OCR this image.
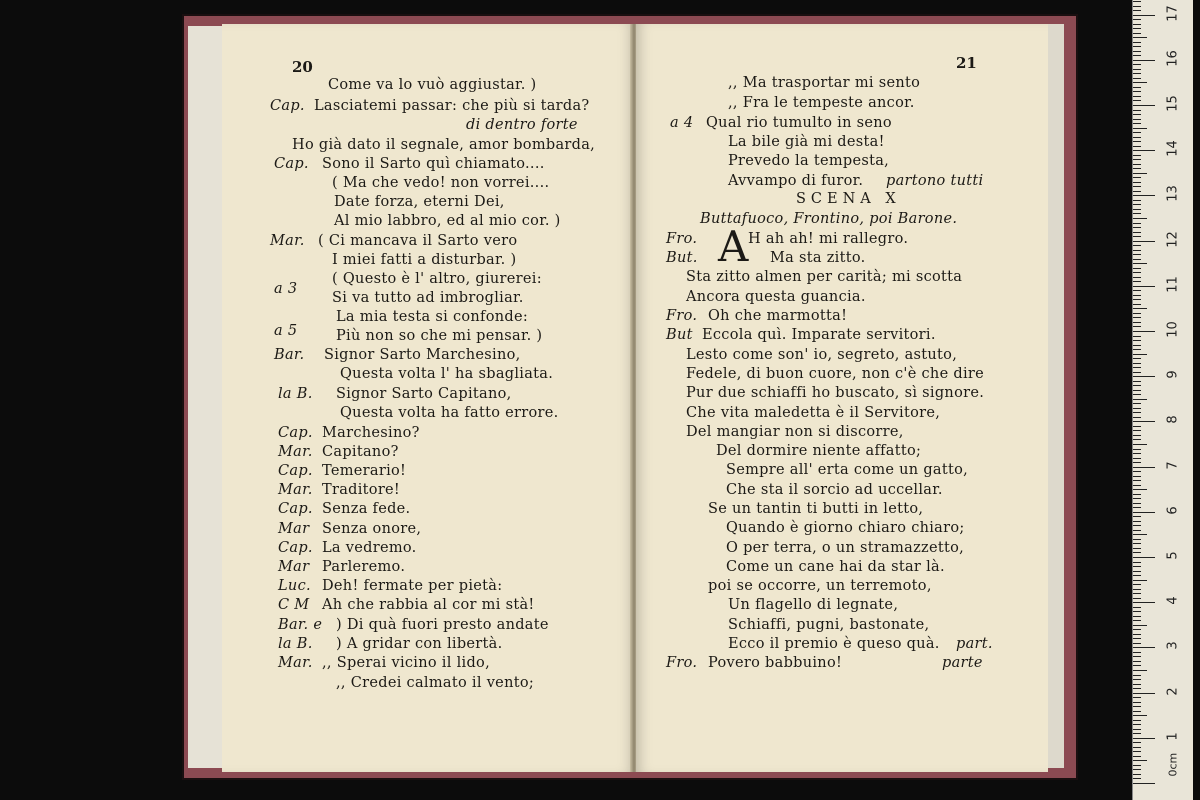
20
Come va lo vuò aggiustar. )
Cap. Lasciatemi passar: che più si tarda?
di dentro forte
Ho già dato il segnale, amor bombarda,
Cap. Sono il Sarto quì chiamato....
( Ma che vedo! non vorrei....
Date forza, eterni Dei,
Al mio labbro, ed al mio cor. )
Mar. ( Ci mancava il Sarto vero
I miei fatti a disturbar. )
( Questo è l' altro, giurerei:
a 3
Si va tutto ad imbrogliar.
La mia testa si confonde:
a 5	Più non so che mi pensar. )
Bar. Signor Sarto Marchesino,
Questa volta l' ha sbagliata.
la B. Signor Sarto Capitano,
Questa volta ha fatto errore.
Cap. Marchesino?
Mar. Capitano?
Cap. Temerario!
Mar. Traditore!
Cap. Senza fede.
Mar Senza onore,
Cap. La vedremo.
Mar Parleremo.
Luc. Deh! fermate per pietà:
C M Ah che rabbia al cor mi stà!
Bar. e ) Di quà fuori presto andate
la B. ) A gridar con libertà.
Mar. ,, Sperai vicino il lido,
,, Credei calmato il vento;
21
,, Ma trasportar mi sento
,, Fra le tempeste ancor.
a 4 Qual rio tumulto in seno
La bile già mi desta!
Prevedo la tempesta,
Avvampo di furor. partono tutti
SCENA X
Buttafuoco, Frontino, poi Barone.
Fro. A H ah ah! mi rallegro.
But.	Ma sta zitto.
Sta zitto almen per carità; mi scotta
Ancora questa guancia.
Fro. Oh che marmotta!
But Eccola quì. Imparate servitori.
Lesto come son' io, segreto, astuto,
Fedele, di buon cuore, non c'è che dire
Pur due schiaffi ho buscato, sì signore.
Che vita maledetta è il Servitore,
Del mangiar non si discorre,
Del dormire niente affatto;
Sempre all' erta come un gatto,
Che sta il sorcio ad uccellar.
Se un tantin ti butti in letto,
Quando è giorno chiaro chiaro;
O per terra, o un stramazzetto,
Come un cane hai da star là.
poi se occorre, un terremoto,
Un flagello di legnate,
Schiaffi, pugni, bastonate,
Ecco il premio è queso quà. part.
Fro. Povero babbuino!	parte
1
2
3
4
5
6
7
8
9
10
11
12
13
14
15
16
17
0cm
